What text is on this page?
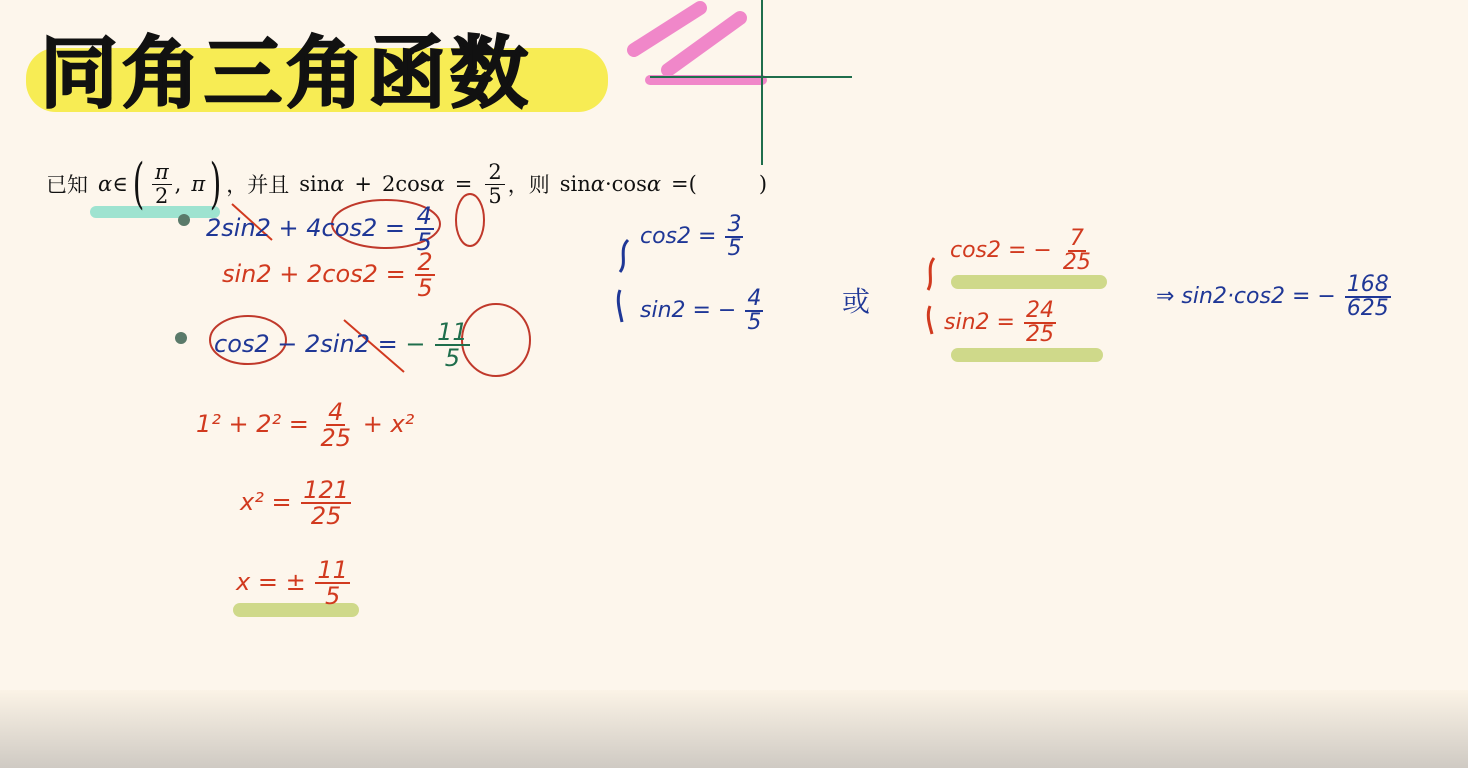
同角三角函数
已知 α ∈ ( $\frac{\pi}{2}$ , π ) ，并且 sin α + 2 $\cos \alpha = \frac{2}{5}$ ，则 sin α · cos α = (	)
$2\sin 2 + 4\cos 2 = \frac{4}{5}$
$\sin 2 + 2\cos 2 = \frac{2}{5}$
cos2 − 2sin2 = − $\frac{11}{5}$
$1^2 + 2^2 = \frac{4}{25} + x^2$
$x^2 = \frac{121}{25}$
x = ± $\frac{11}{5}$
$\cos 2 = \frac{3}{5}$
sin2 = − $\frac{4}{5}$	或
cos2 = − $\frac{7}{25}$
$\sin 2 = \frac{24}{25}$
⇒ sin2·cos2 = − $\frac{168}{625}$
